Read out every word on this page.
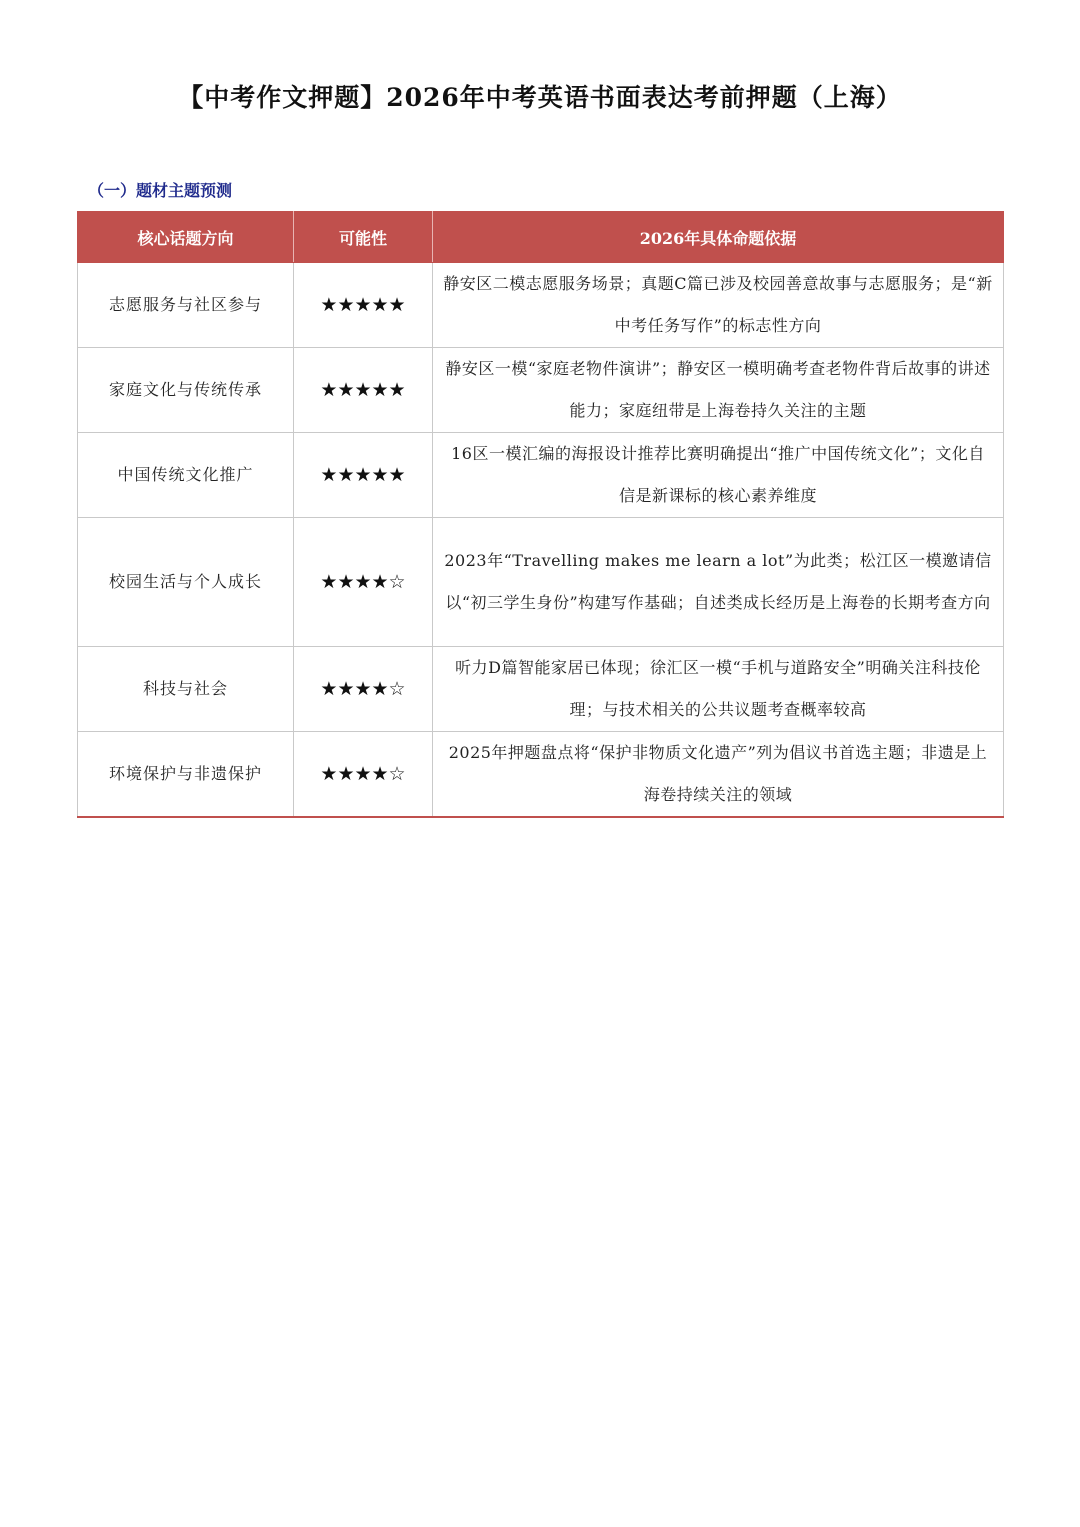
【中考作文押题】2026年中考英语书面表达考前押题（上海）
（一）题材主题预测
核心话题方向	可能性	2026年具体命题依据
志愿服务与社区参与	★★★★★	静安区二模志愿服务场景；真题C篇已涉及校园善意故事与志愿服务；是“新中考任务写作”的标志性方向
家庭文化与传统传承	★★★★★	静安区一模“家庭老物件演讲”；静安区一模明确考查老物件背后故事的讲述能力；家庭纽带是上海卷持久关注的主题
中国传统文化推广	★★★★★	16区一模汇编的海报设计推荐比赛明确提出“推广中国传统文化”；文化自信是新课标的核心素养维度
校园生活与个人成长	★★★★☆	2023年“Travelling makes me learn a lot”为此类；松江区一模邀请信以“初三学生身份”构建写作基础；自述类成长经历是上海卷的长期考查方向
科技与社会	★★★★☆	听力D篇智能家居已体现；徐汇区一模“手机与道路安全”明确关注科技伦理；与技术相关的公共议题考查概率较高
环境保护与非遗保护	★★★★☆	2025年押题盘点将“保护非物质文化遗产”列为倡议书首选主题；非遗是上海卷持续关注的领域
